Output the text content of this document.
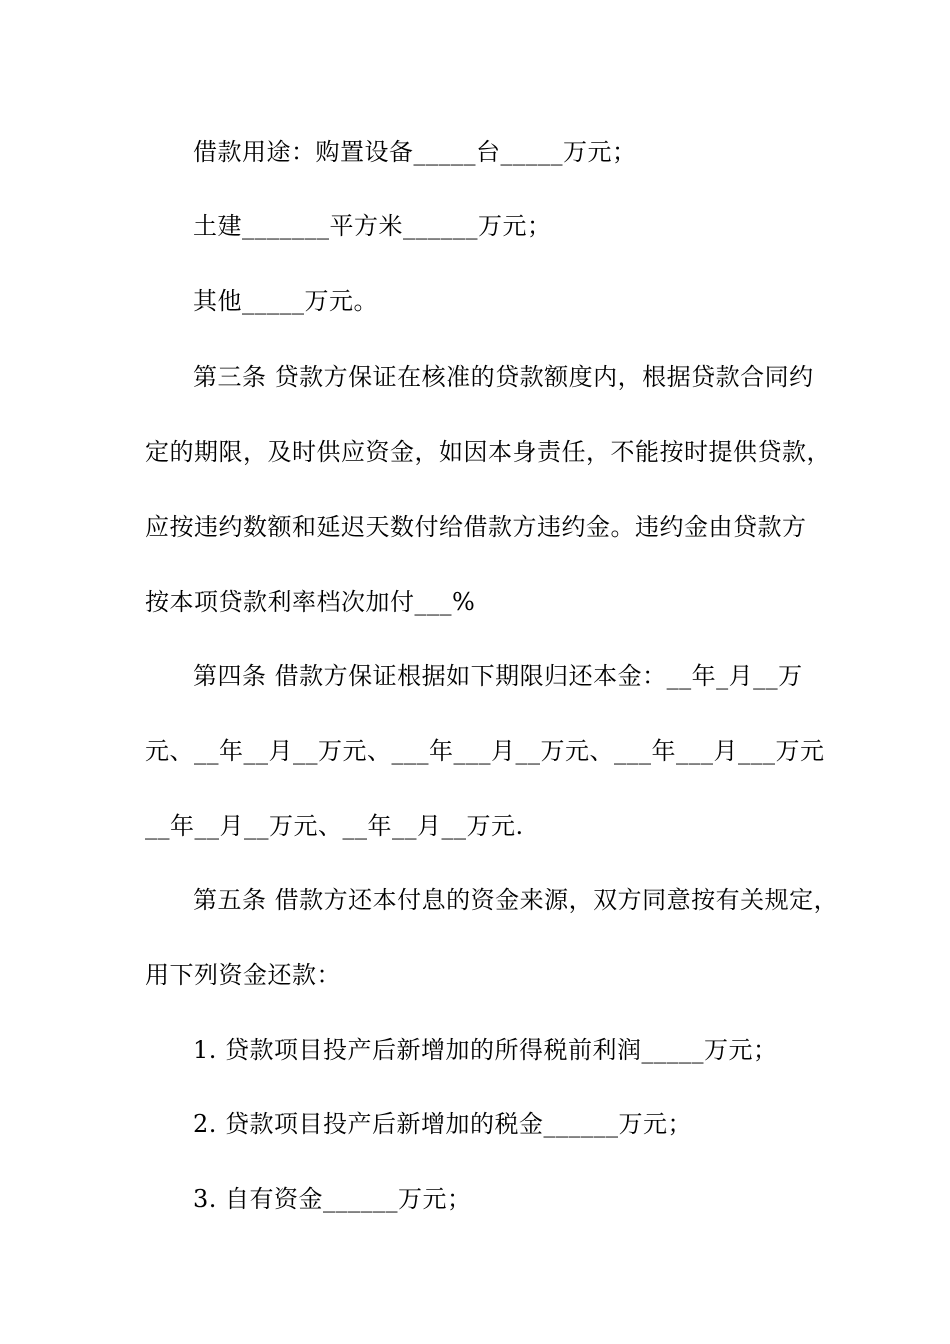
借款用途：购置设备_____台_____万元；
土建_______平方米______万元；
其他_____万元。
第三条 贷款方保证在核准的贷款额度内，根据贷款合同约
定的期限，及时供应资金，如因本身责任，不能按时提供贷款，
应按违约数额和延迟天数付给借款方违约金。违约金由贷款方
按本项贷款利率档次加付___%
第四条 借款方保证根据如下期限归还本金：__年_月__万
元、__年__月__万元、___年___月__万元、___年___月___万元
__年__月__万元、__年__月__万元.
第五条 借款方还本付息的资金来源，双方同意按有关规定，
用下列资金还款：
1. 贷款项目投产后新增加的所得税前利润_____万元；
2. 贷款项目投产后新增加的税金______万元；
3. 自有资金______万元；
